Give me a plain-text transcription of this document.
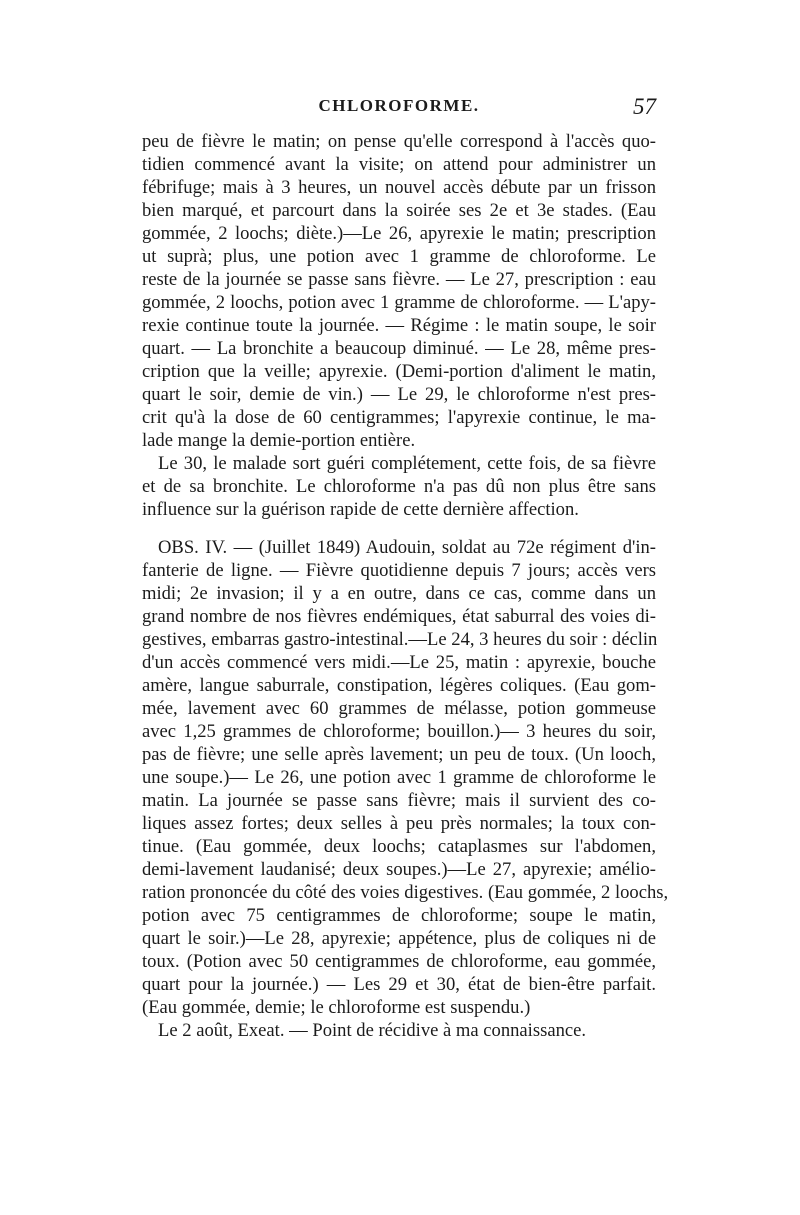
CHLOROFORME.	57
peu de fièvre le matin; on pense qu'elle correspond à l'accès quo-
tidien commencé avant la visite; on attend pour administrer un
fébrifuge; mais à 3 heures, un nouvel accès débute par un frisson
bien marqué, et parcourt dans la soirée ses 2e et 3e stades. (Eau
gommée, 2 loochs; diète.)—Le 26, apyrexie le matin; prescription
ut suprà; plus, une potion avec 1 gramme de chloroforme. Le
reste de la journée se passe sans fièvre. — Le 27, prescription : eau
gommée, 2 loochs, potion avec 1 gramme de chloroforme. — L'apy-
rexie continue toute la journée. — Régime : le matin soupe, le soir
quart. — La bronchite a beaucoup diminué. — Le 28, même pres-
cription que la veille; apyrexie. (Demi-portion d'aliment le matin,
quart le soir, demie de vin.) — Le 29, le chloroforme n'est pres-
crit qu'à la dose de 60 centigrammes; l'apyrexie continue, le ma-
lade mange la demie-portion entière.
Le 30, le malade sort guéri complétement, cette fois, de sa fièvre
et de sa bronchite. Le chloroforme n'a pas dû non plus être sans
influence sur la guérison rapide de cette dernière affection.
OBS. IV. — (Juillet 1849) Audouin, soldat au 72e régiment d'in-
fanterie de ligne. — Fièvre quotidienne depuis 7 jours; accès vers
midi; 2e invasion; il y a en outre, dans ce cas, comme dans un
grand nombre de nos fièvres endémiques, état saburral des voies di-
gestives, embarras gastro-intestinal.—Le 24, 3 heures du soir : déclin
d'un accès commencé vers midi.—Le 25, matin : apyrexie, bouche
amère, langue saburrale, constipation, légères coliques. (Eau gom-
mée, lavement avec 60 grammes de mélasse, potion gommeuse
avec 1,25 grammes de chloroforme; bouillon.)— 3 heures du soir,
pas de fièvre; une selle après lavement; un peu de toux. (Un looch,
une soupe.)— Le 26, une potion avec 1 gramme de chloroforme le
matin. La journée se passe sans fièvre; mais il survient des co-
liques assez fortes; deux selles à peu près normales; la toux con-
tinue. (Eau gommée, deux loochs; cataplasmes sur l'abdomen,
demi-lavement laudanisé; deux soupes.)—Le 27, apyrexie; amélio-
ration prononcée du côté des voies digestives. (Eau gommée, 2 loochs,
potion avec 75 centigrammes de chloroforme; soupe le matin,
quart le soir.)—Le 28, apyrexie; appétence, plus de coliques ni de
toux. (Potion avec 50 centigrammes de chloroforme, eau gommée,
quart pour la journée.) — Les 29 et 30, état de bien-être parfait.
(Eau gommée, demie; le chloroforme est suspendu.)
Le 2 août, Exeat. — Point de récidive à ma connaissance.
